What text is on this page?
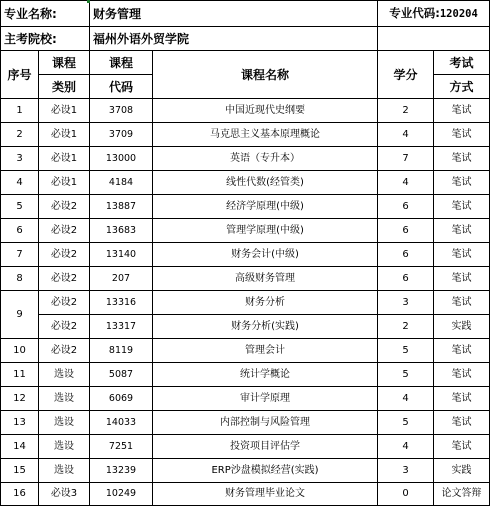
专业名称:		财务管理		专业代码:120204	
主考院校:		福州外语外贸学院			
序号	课程	课程	课程名称	学分	考试
	类别	代码			方式
1	必设1	3708	中国近现代史纲要	2	笔试
2	必设1	3709	马克思主义基本原理概论	4	笔试
3	必设1	13000	英语（专升本）	7	笔试
4	必设1	4184	线性代数(经管类)	4	笔试
5	必设2	13887	经济学原理(中级)	6	笔试
6	必设2	13683	管理学原理(中级)	6	笔试
7	必设2	13140	财务会计(中级)	6	笔试
8	必设2	207	高级财务管理	6	笔试
9	必设2	13316	财务分析	3	笔试
	必设2	13317	财务分析(实践)	2	实践
10	必设2	8119	管理会计	5	笔试
11	选设	5087	统计学概论	5	笔试
12	选设	6069	审计学原理	4	笔试
13	选设	14033	内部控制与风险管理	5	笔试
14	选设	7251	投资项目评估学	4	笔试
15	选设	13239	ERP沙盘模拟经营(实践)	3	实践
16	必设3	10249	财务管理毕业论文	0	论文答辩
